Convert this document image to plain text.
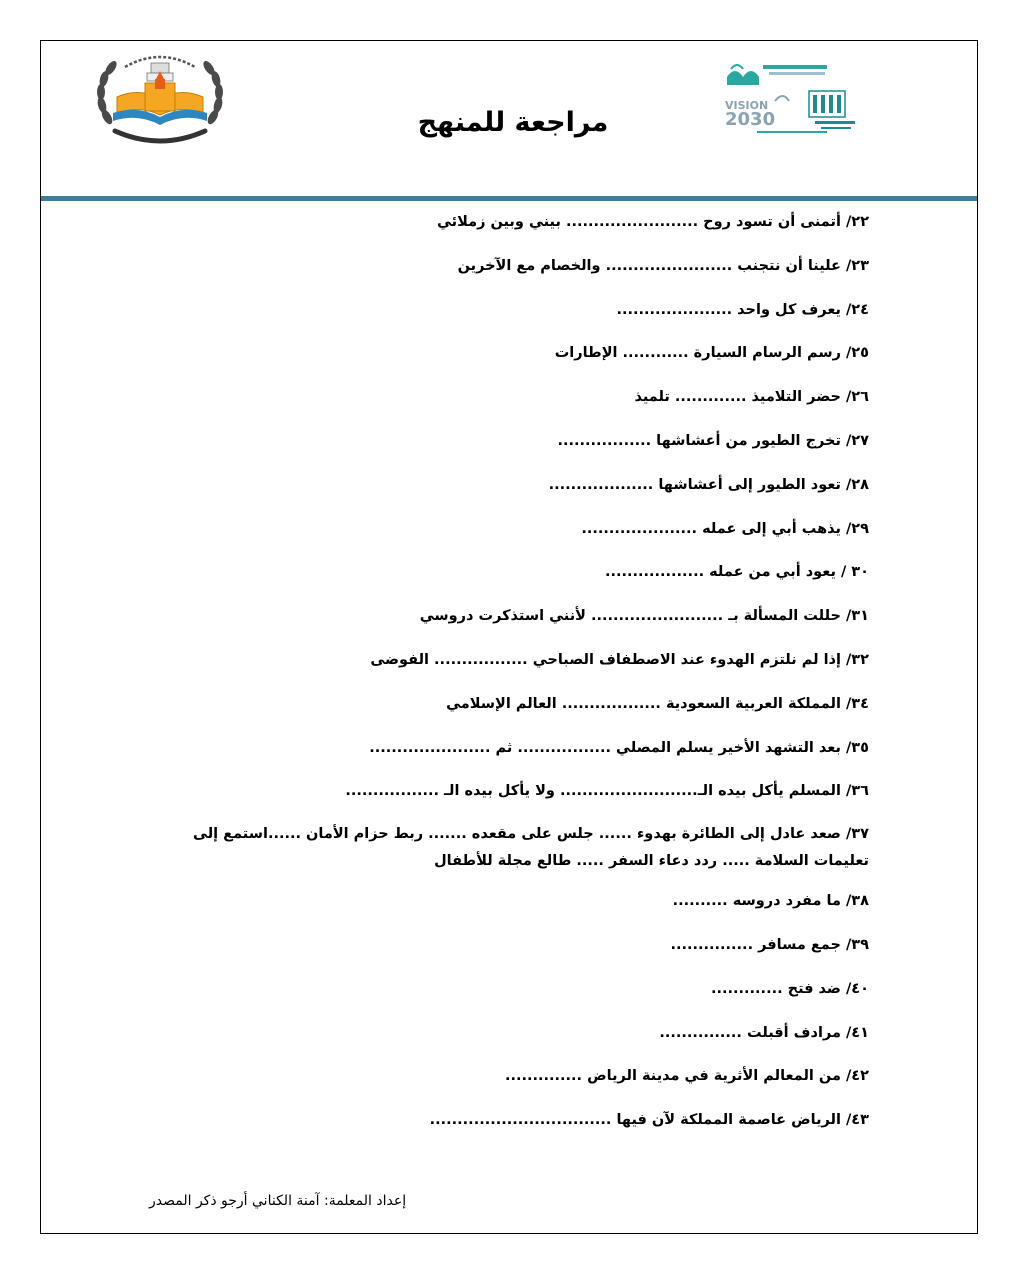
VISION
2030
مراجعة للمنهج
٢٢/ أتمنى أن تسود روح ........................ بيني وبين زملائي
٢٣/ علينا أن نتجنب ....................... والخصام مع الآخرين
٢٤/ يعرف كل واحد .....................
٢٥/ رسم الرسام السيارة ............ الإطارات
٢٦/ حضر التلاميذ ............. تلميذ
٢٧/ تخرج الطيور من أعشاشها .................
٢٨/ تعود الطيور إلى أعشاشها ...................
٢٩/ يذهب أبي إلى عمله .....................
٣٠ / يعود أبي من عمله ..................
٣١/ حللت المسألة بـ ........................ لأنني استذكرت دروسي
٣٢/ إذا لم نلتزم الهدوء عند الاصطفاف الصباحي ................. الفوضى
٣٤/ المملكة العربية السعودية .................. العالم الإسلامي
٣٥/ بعد التشهد الأخير يسلم المصلي ................. ثم ......................
٣٦/ المسلم يأكل بيده الـ......................... ولا يأكل بيده الـ .................
٣٧/ صعد عادل إلى الطائرة بهدوء ...... جلس على مقعده ....... ربط حزام الأمان ......استمع إلى تعليمات السلامة ..... ردد دعاء السفر ..... طالع مجلة للأطفال
٣٨/ ما مفرد دروسه ..........
٣٩/ جمع مسافر ...............
٤٠/ ضد فتح .............
٤١/ مرادف أقبلت ...............
٤٢/ من المعالم الأثرية في مدينة الرياض ..............
٤٣/ الرياض عاصمة المملكة لآن فيها .................................
إعداد المعلمة: آمنة الكناني أرجو ذكر المصدر
